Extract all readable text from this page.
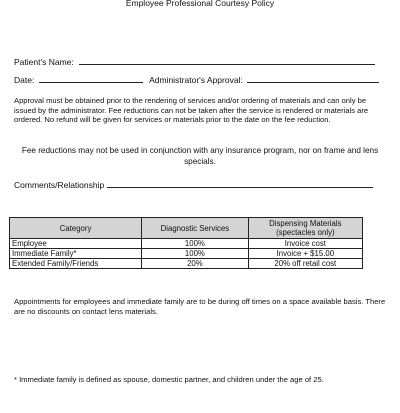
Employee Professional Courtesy Policy
Patient's Name:
Date:	Administrator's Approval:
Approval must be obtained prior to the rendering of services and/or ordering of materials and can only be issued by the administrator. Fee reductions can not be taken after the service is rendered or materials are ordered. No refund will be given for services or materials prior to the date on the fee reduction.
Fee reductions may not be used in conjunction with any insurance program, nor on frame and lens specials.
Comments/Relationship
Category	Diagnostic Services	Dispensing Materials (spectacles only)
Employee	100%	Invoice cost
Immediate Family*	100%	Invoice + $15.00
Extended Family/Friends	20%	20% off retail cost
Appointments for employees and immediate family are to be during off times on a space available basis. There are no discounts on contact lens materials.
* Immediate family is defined as spouse, domestic partner, and children under the age of 25.
